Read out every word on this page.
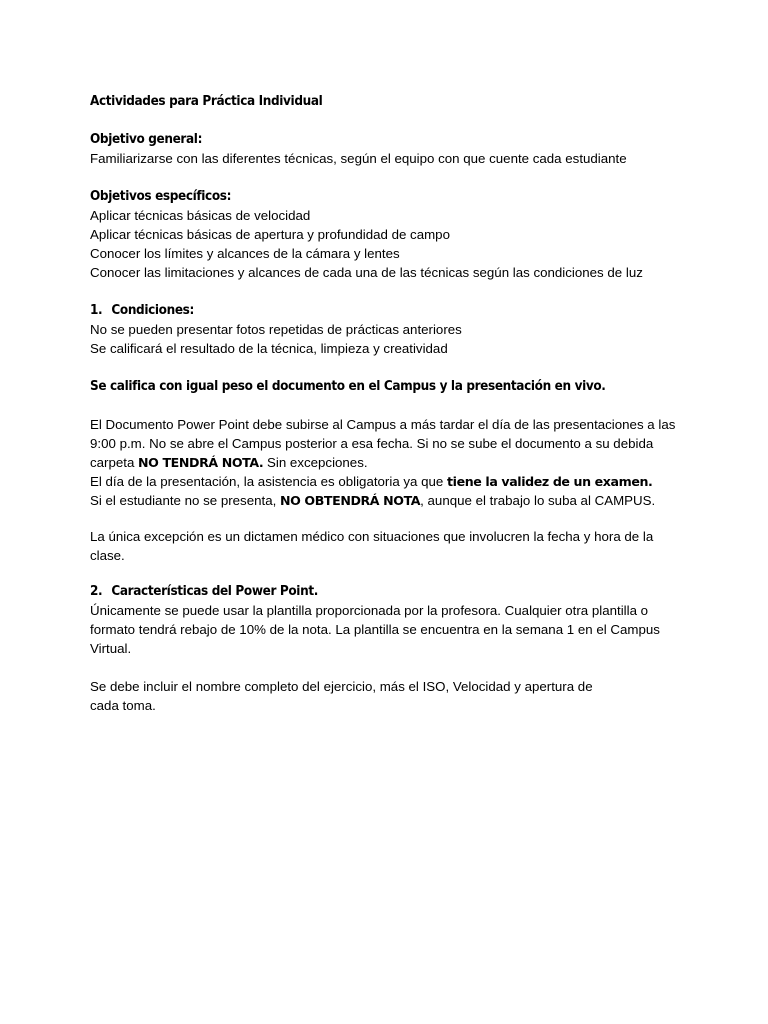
Actividades para Práctica Individual
Objetivo general:
Familiarizarse con las diferentes técnicas, según el equipo con que cuente cada estudiante
Objetivos específicos:
Aplicar técnicas básicas de velocidad
Aplicar técnicas básicas de apertura y profundidad de campo
Conocer los límites y alcances de la cámara y lentes
Conocer las limitaciones y alcances de cada una de las técnicas según las condiciones de luz
1. Condiciones:
No se pueden presentar fotos repetidas de prácticas anteriores
Se calificará el resultado de la técnica, limpieza y creatividad
Se califica con igual peso el documento en el Campus y la presentación en vivo.
El Documento Power Point debe subirse al Campus a más tardar el día de las presentaciones a las 9:00 p.m. No se abre el Campus posterior a esa fecha. Si no se sube el documento a su debida carpeta NO TENDRÁ NOTA. Sin excepciones.
El día de la presentación, la asistencia es obligatoria ya que tiene la validez de un examen.
Si el estudiante no se presenta, NO OBTENDRÁ NOTA, aunque el trabajo lo suba al CAMPUS.
La única excepción es un dictamen médico con situaciones que involucren la fecha y hora de la clase.
2. Características del Power Point.
Únicamente se puede usar la plantilla proporcionada por la profesora. Cualquier otra plantilla o formato tendrá rebajo de 10% de la nota. La plantilla se encuentra en la semana 1 en el Campus Virtual.
Se debe incluir el nombre completo del ejercicio, más el ISO, Velocidad y apertura de
cada toma.
